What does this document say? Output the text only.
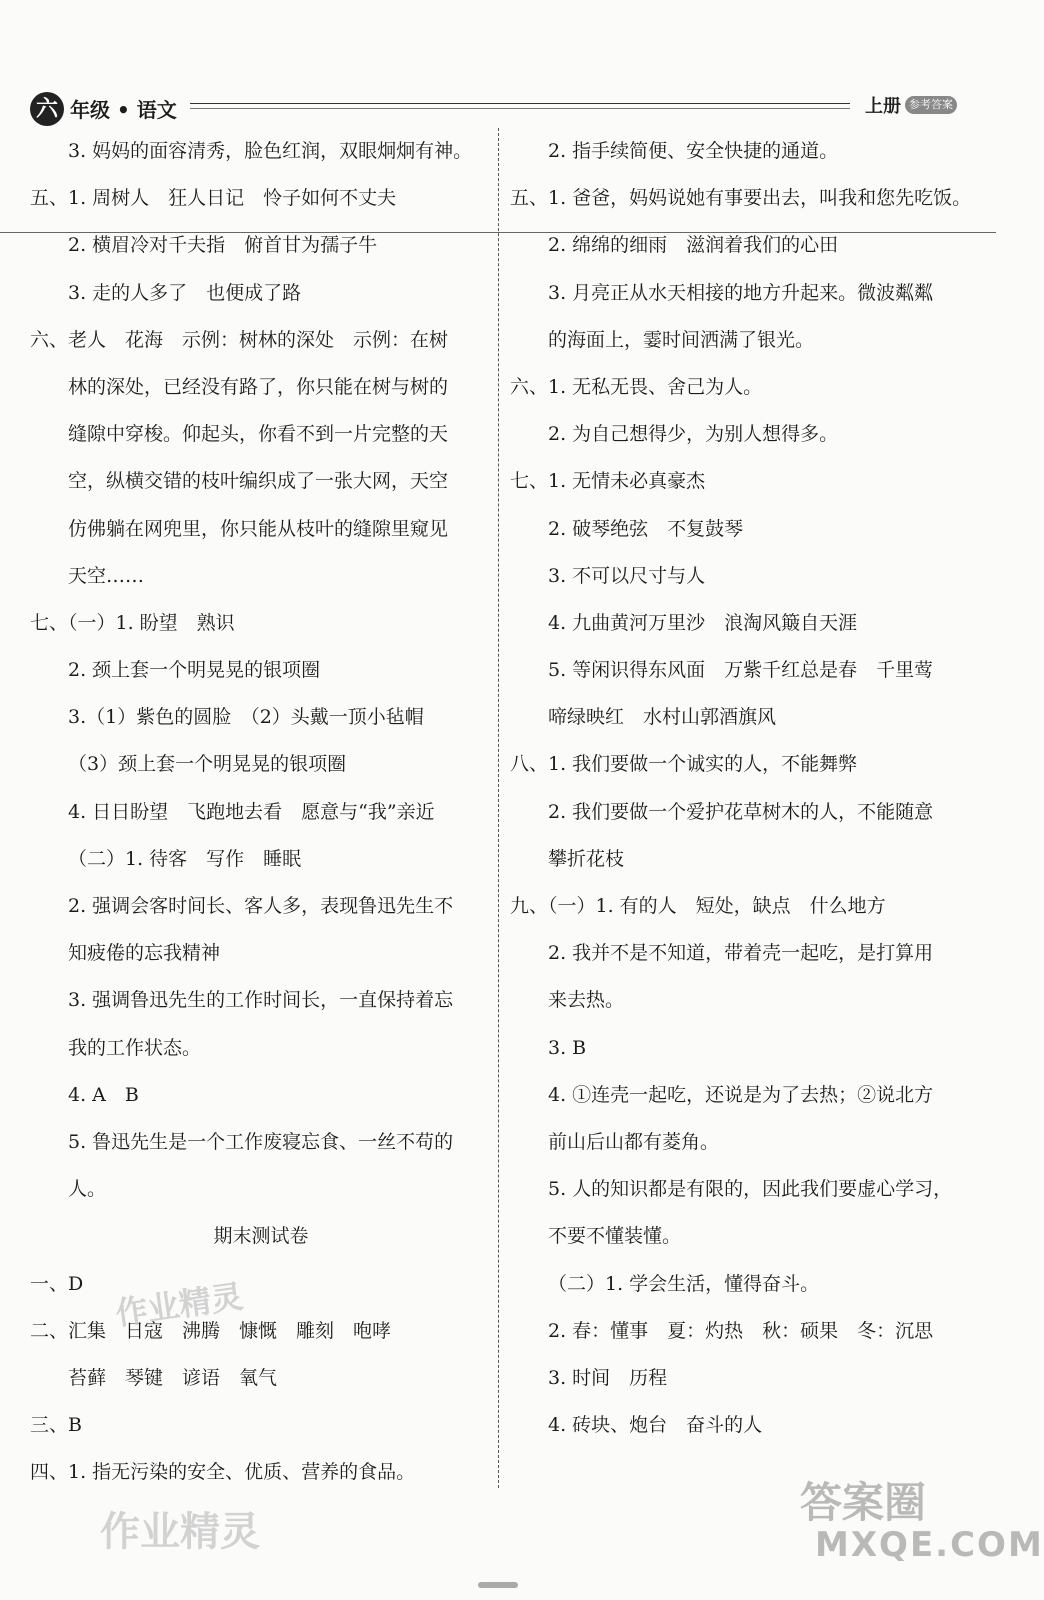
六 年级 • 语文	上册 参考答案
3. 妈妈的面容清秀，脸色红润，双眼炯炯有神。
五、1. 周树人　狂人日记　怜子如何不丈夫
2. 横眉冷对千夫指　俯首甘为孺子牛
3. 走的人多了　也便成了路
六、老人　花海　示例：树林的深处　示例：在树
林的深处，已经没有路了，你只能在树与树的
缝隙中穿梭。仰起头，你看不到一片完整的天
空，纵横交错的枝叶编织成了一张大网，天空
仿佛躺在网兜里，你只能从枝叶的缝隙里窥见
天空……
七、（一）1. 盼望　熟识
2. 颈上套一个明晃晃的银项圈
3.（1）紫色的圆脸　（2）头戴一顶小毡帽
（3）颈上套一个明晃晃的银项圈
4. 日日盼望　飞跑地去看　愿意与“我”亲近
（二）1. 待客　写作　睡眠
2. 强调会客时间长、客人多，表现鲁迅先生不
知疲倦的忘我精神
3. 强调鲁迅先生的工作时间长，一直保持着忘
我的工作状态。
4. A　B
5. 鲁迅先生是一个工作废寝忘食、一丝不苟的
人。
期末测试卷
一、D
二、汇集　日寇　沸腾　慷慨　雕刻　咆哮
苔藓　琴键　谚语　氧气
三、B
四、1. 指无污染的安全、优质、营养的食品。
2. 指手续简便、安全快捷的通道。
五、1. 爸爸，妈妈说她有事要出去，叫我和您先吃饭。
2. 绵绵的细雨　滋润着我们的心田
3. 月亮正从水天相接的地方升起来。微波粼粼
的海面上，霎时间洒满了银光。
六、1. 无私无畏、舍己为人。
2. 为自己想得少，为别人想得多。
七、1. 无情未必真豪杰
2. 破琴绝弦　不复鼓琴
3. 不可以尺寸与人
4. 九曲黄河万里沙　浪淘风簸自天涯
5. 等闲识得东风面　万紫千红总是春　千里莺
啼绿映红　水村山郭酒旗风
八、1. 我们要做一个诚实的人，不能舞弊
2. 我们要做一个爱护花草树木的人，不能随意
攀折花枝
九、（一）1. 有的人　短处，缺点　什么地方
2. 我并不是不知道，带着壳一起吃，是打算用
来去热。
3. B
4. ①连壳一起吃，还说是为了去热；②说北方
前山后山都有菱角。
5. 人的知识都是有限的，因此我们要虚心学习，
不要不懂装懂。
（二）1. 学会生活，懂得奋斗。
2. 春：懂事　夏：灼热　秋：硕果　冬：沉思
3. 时间　历程
4. 砖块、炮台　奋斗的人
作业精灵
作业精灵
答案圈
MXQE.COM
